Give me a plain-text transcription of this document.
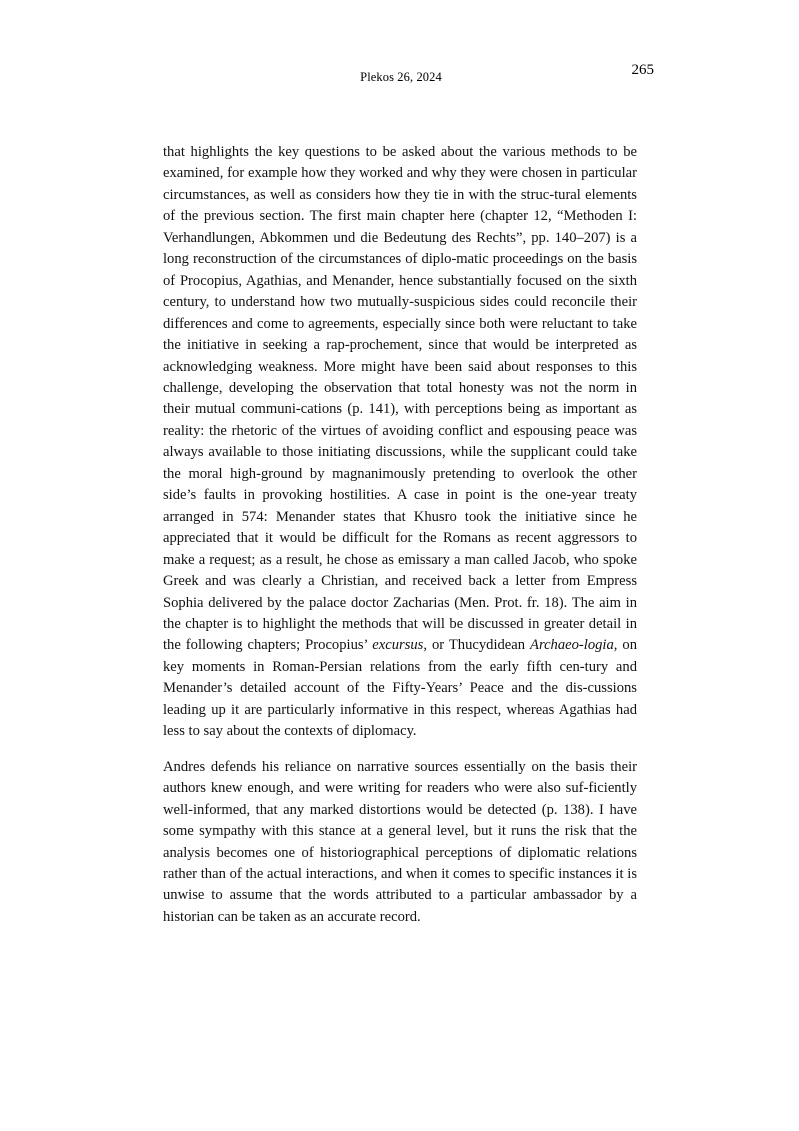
Plekos 26, 2024	265

that highlights the key questions to be asked about the various methods to be examined, for example how they worked and why they were chosen in particular circumstances, as well as considers how they tie in with the struc-tural elements of the previous section. The first main chapter here (chapter 12, “Methoden I: Verhandlungen, Abkommen und die Bedeutung des Rechts”, pp. 140–207) is a long reconstruction of the circumstances of diplo-matic proceedings on the basis of Procopius, Agathias, and Menander, hence substantially focused on the sixth century, to understand how two mutually-suspicious sides could reconcile their differences and come to agreements, especially since both were reluctant to take the initiative in seeking a rap-prochement, since that would be interpreted as acknowledging weakness. More might have been said about responses to this challenge, developing the observation that total honesty was not the norm in their mutual communi-cations (p. 141), with perceptions being as important as reality: the rhetoric of the virtues of avoiding conflict and espousing peace was always available to those initiating discussions, while the supplicant could take the moral high-ground by magnanimously pretending to overlook the other side’s faults in provoking hostilities. A case in point is the one-year treaty arranged in 574: Menander states that Khusro took the initiative since he appreciated that it would be difficult for the Romans as recent aggressors to make a request; as a result, he chose as emissary a man called Jacob, who spoke Greek and was clearly a Christian, and received back a letter from Empress Sophia delivered by the palace doctor Zacharias (Men. Prot. fr. 18). The aim in the chapter is to highlight the methods that will be discussed in greater detail in the following chapters; Procopius’ excursus, or Thucydidean Archaeo-logia, on key moments in Roman-Persian relations from the early fifth cen-tury and Menander’s detailed account of the Fifty-Years’ Peace and the dis-cussions leading up it are particularly informative in this respect, whereas Agathias had less to say about the contexts of diplomacy.

Andres defends his reliance on narrative sources essentially on the basis their authors knew enough, and were writing for readers who were also suf-ficiently well-informed, that any marked distortions would be detected (p. 138). I have some sympathy with this stance at a general level, but it runs the risk that the analysis becomes one of historiographical perceptions of diplomatic relations rather than of the actual interactions, and when it comes to specific instances it is unwise to assume that the words attributed to a particular ambassador by a historian can be taken as an accurate record.
